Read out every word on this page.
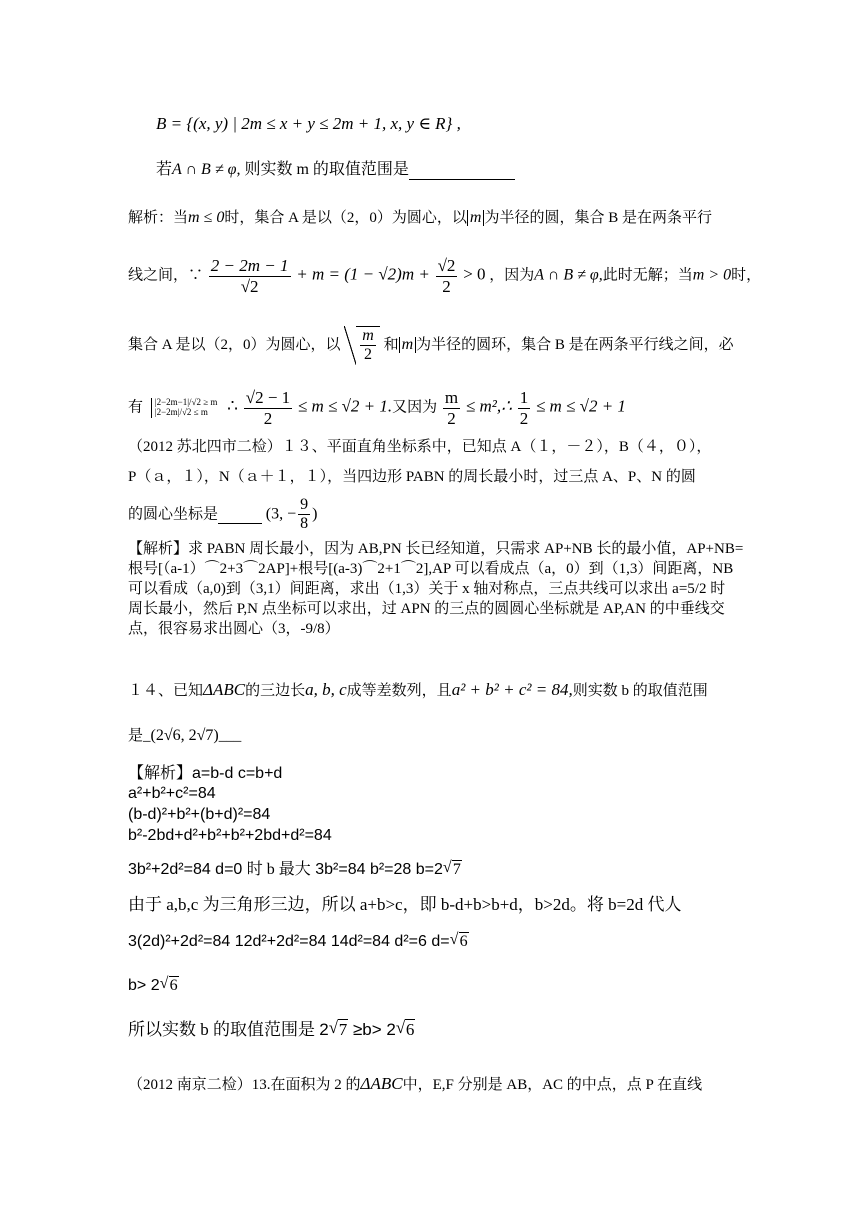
B = {(x, y) | 2m ≤ x + y ≤ 2m + 1, x, y ∈ R} ,
若A ∩ B ≠ φ, 则实数 m 的取值范围是
解析：当m ≤ 0时，集合 A 是以（2，0）为圆心，以 m 为半径的圆，集合 B 是在两条平行
线之间，∵ $\frac{2 - 2m - 1}{√2} + m = (1 - √2)m + \frac{√2}{2} > 0$ ，因为A ∩ B ≠ φ,此时无解；当m > 0时，
集合 A 是以（2，0）为圆心，以 $\frac{m}{2}$ 和 m 为半径的圆环，集合 B 是在两条平行线之间，必
有 |2−2m−1|/√2 ≥ m
|2−2m|/√2 ≤ m	∴ $\frac{√2 - 1}{2} \le m \le √2 + 1$.又因为 $\frac{m}{2}$ ≤ m²,∴ $\frac{1}{2} \le m \le √2 + 1$
（2012 苏北四市二检）１３、平面直角坐标系中，已知点 A（１，－２），B（４，０），
P（ａ，１），N（ａ＋１，１），当四边形 PABN 的周长最小时，过三点 A、P、N 的圆
的圆心坐标是	(3, − $\frac{9}{8}$ )
【解析】求 PABN 周长最小，因为 AB,PN 长已经知道，只需求 AP+NB 长的最小值，AP+NB=
根号[（a-1）⌒2+3⌒2AP]+根号[(a-3)⌒2+1⌒2],AP 可以看成点（a，0）到（1,3）间距离，NB
可以看成（a,0)到（3,1）间距离，求出（1,3）关于 x 轴对称点，三点共线可以求出 a=5/2 时
周长最小，然后 P,N 点坐标可以求出，过 APN 的三点的圆圆心坐标就是 AP,AN 的中垂线交
点，很容易求出圆心（3，-9/8）
１４、已知ΔABC的三边长a, b, c成等差数列，且a² + b² + c² = 84,则实数 b 的取值范围
是_(2√6, 2√7)___
【解析】a=b-d c=b+d
a²+b²+c²=84
(b-d)²+b²+(b+d)²=84
b²-2bd+d²+b²+b²+2bd+d²=84
3b²+2d²=84 d=0 时 b 最大 3b²=84 b²=28 b=2 √ 7
由于 a,b,c 为三角形三边，所以 a+b>c，即 b-d+b>b+d，b>2d。将 b=2d 代人
3(2d)²+2d²=84 12d²+2d²=84 14d²=84 d²=6 d= √ 6
b> 2 √ 6
所以实数 b 的取值范围是 2 √ 7 ≥b> 2 √ 6
（2012 南京二检）13.在面积为 2 的ΔABC中，E,F 分别是 AB，AC 的中点，点 P 在直线
